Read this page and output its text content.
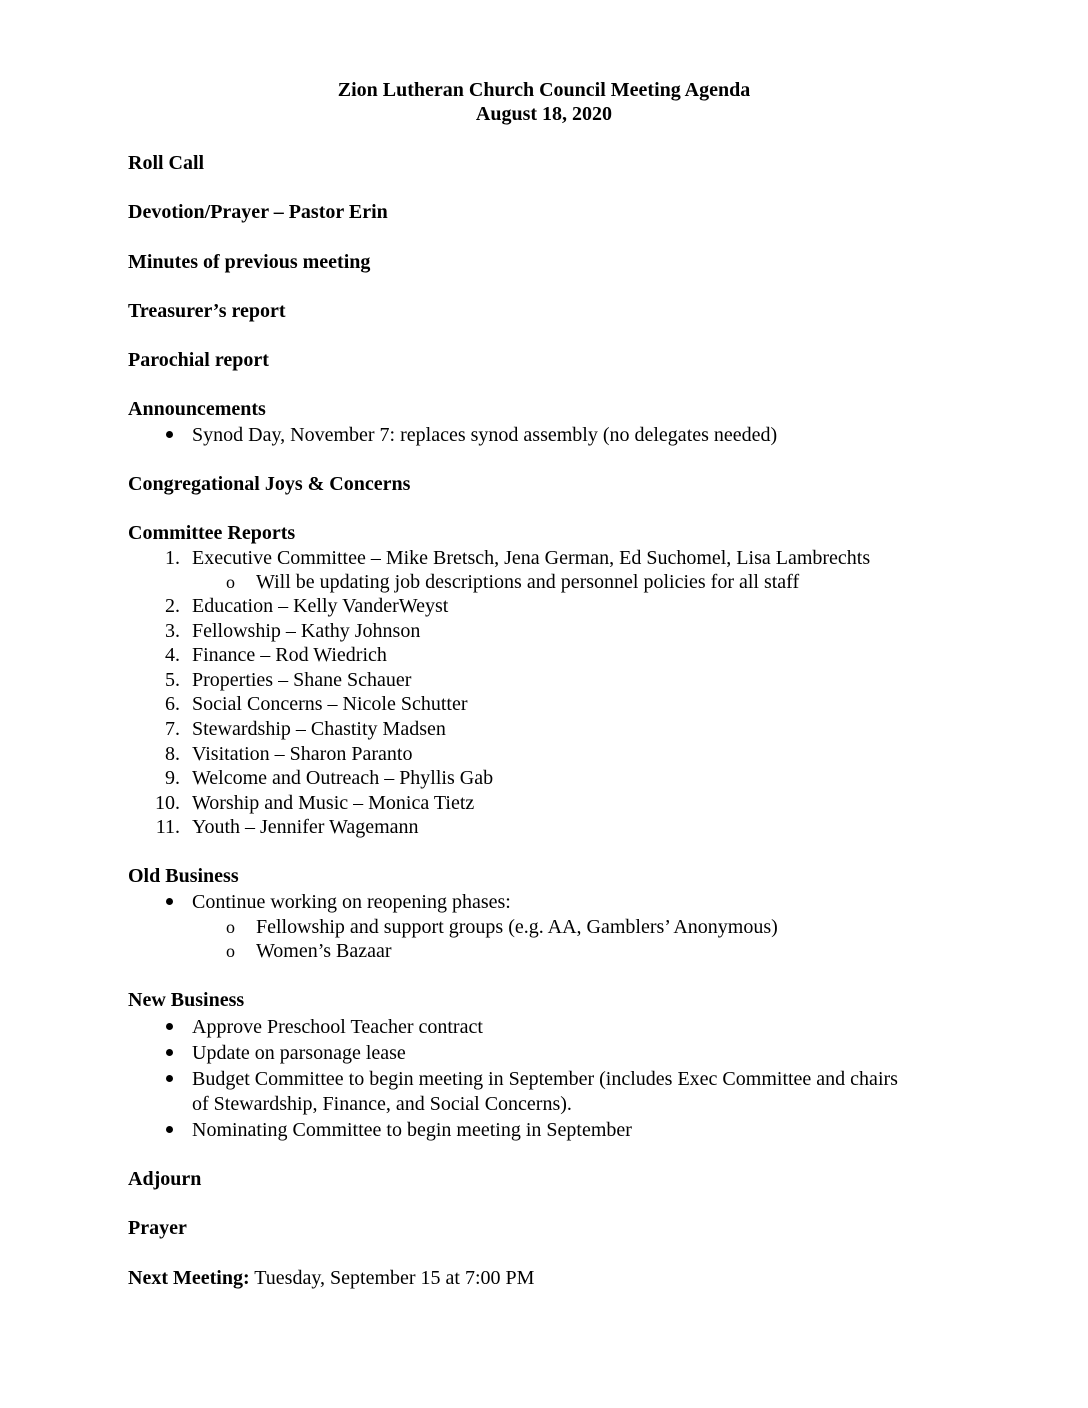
Zion Lutheran Church Council Meeting Agenda
August 18, 2020
Roll Call
Devotion/Prayer – Pastor Erin
Minutes of previous meeting
Treasurer’s report
Parochial report
Announcements
Synod Day, November 7: replaces synod assembly (no delegates needed)
Congregational Joys & Concerns
Committee Reports
1. Executive Committee – Mike Bretsch, Jena German, Ed Suchomel, Lisa Lambrechts
o Will be updating job descriptions and personnel policies for all staff
2. Education – Kelly VanderWeyst
3. Fellowship – Kathy Johnson
4. Finance – Rod Wiedrich
5. Properties – Shane Schauer
6. Social Concerns – Nicole Schutter
7. Stewardship – Chastity Madsen
8. Visitation – Sharon Paranto
9. Welcome and Outreach – Phyllis Gab
10. Worship and Music – Monica Tietz
11. Youth – Jennifer Wagemann
Old Business
Continue working on reopening phases:
o Fellowship and support groups (e.g. AA, Gamblers’ Anonymous)
o Women’s Bazaar
New Business
Approve Preschool Teacher contract
Update on parsonage lease
Budget Committee to begin meeting in September (includes Exec Committee and chairs
of Stewardship, Finance, and Social Concerns).
Nominating Committee to begin meeting in September
Adjourn
Prayer
Next Meeting: Tuesday, September 15 at 7:00 PM
